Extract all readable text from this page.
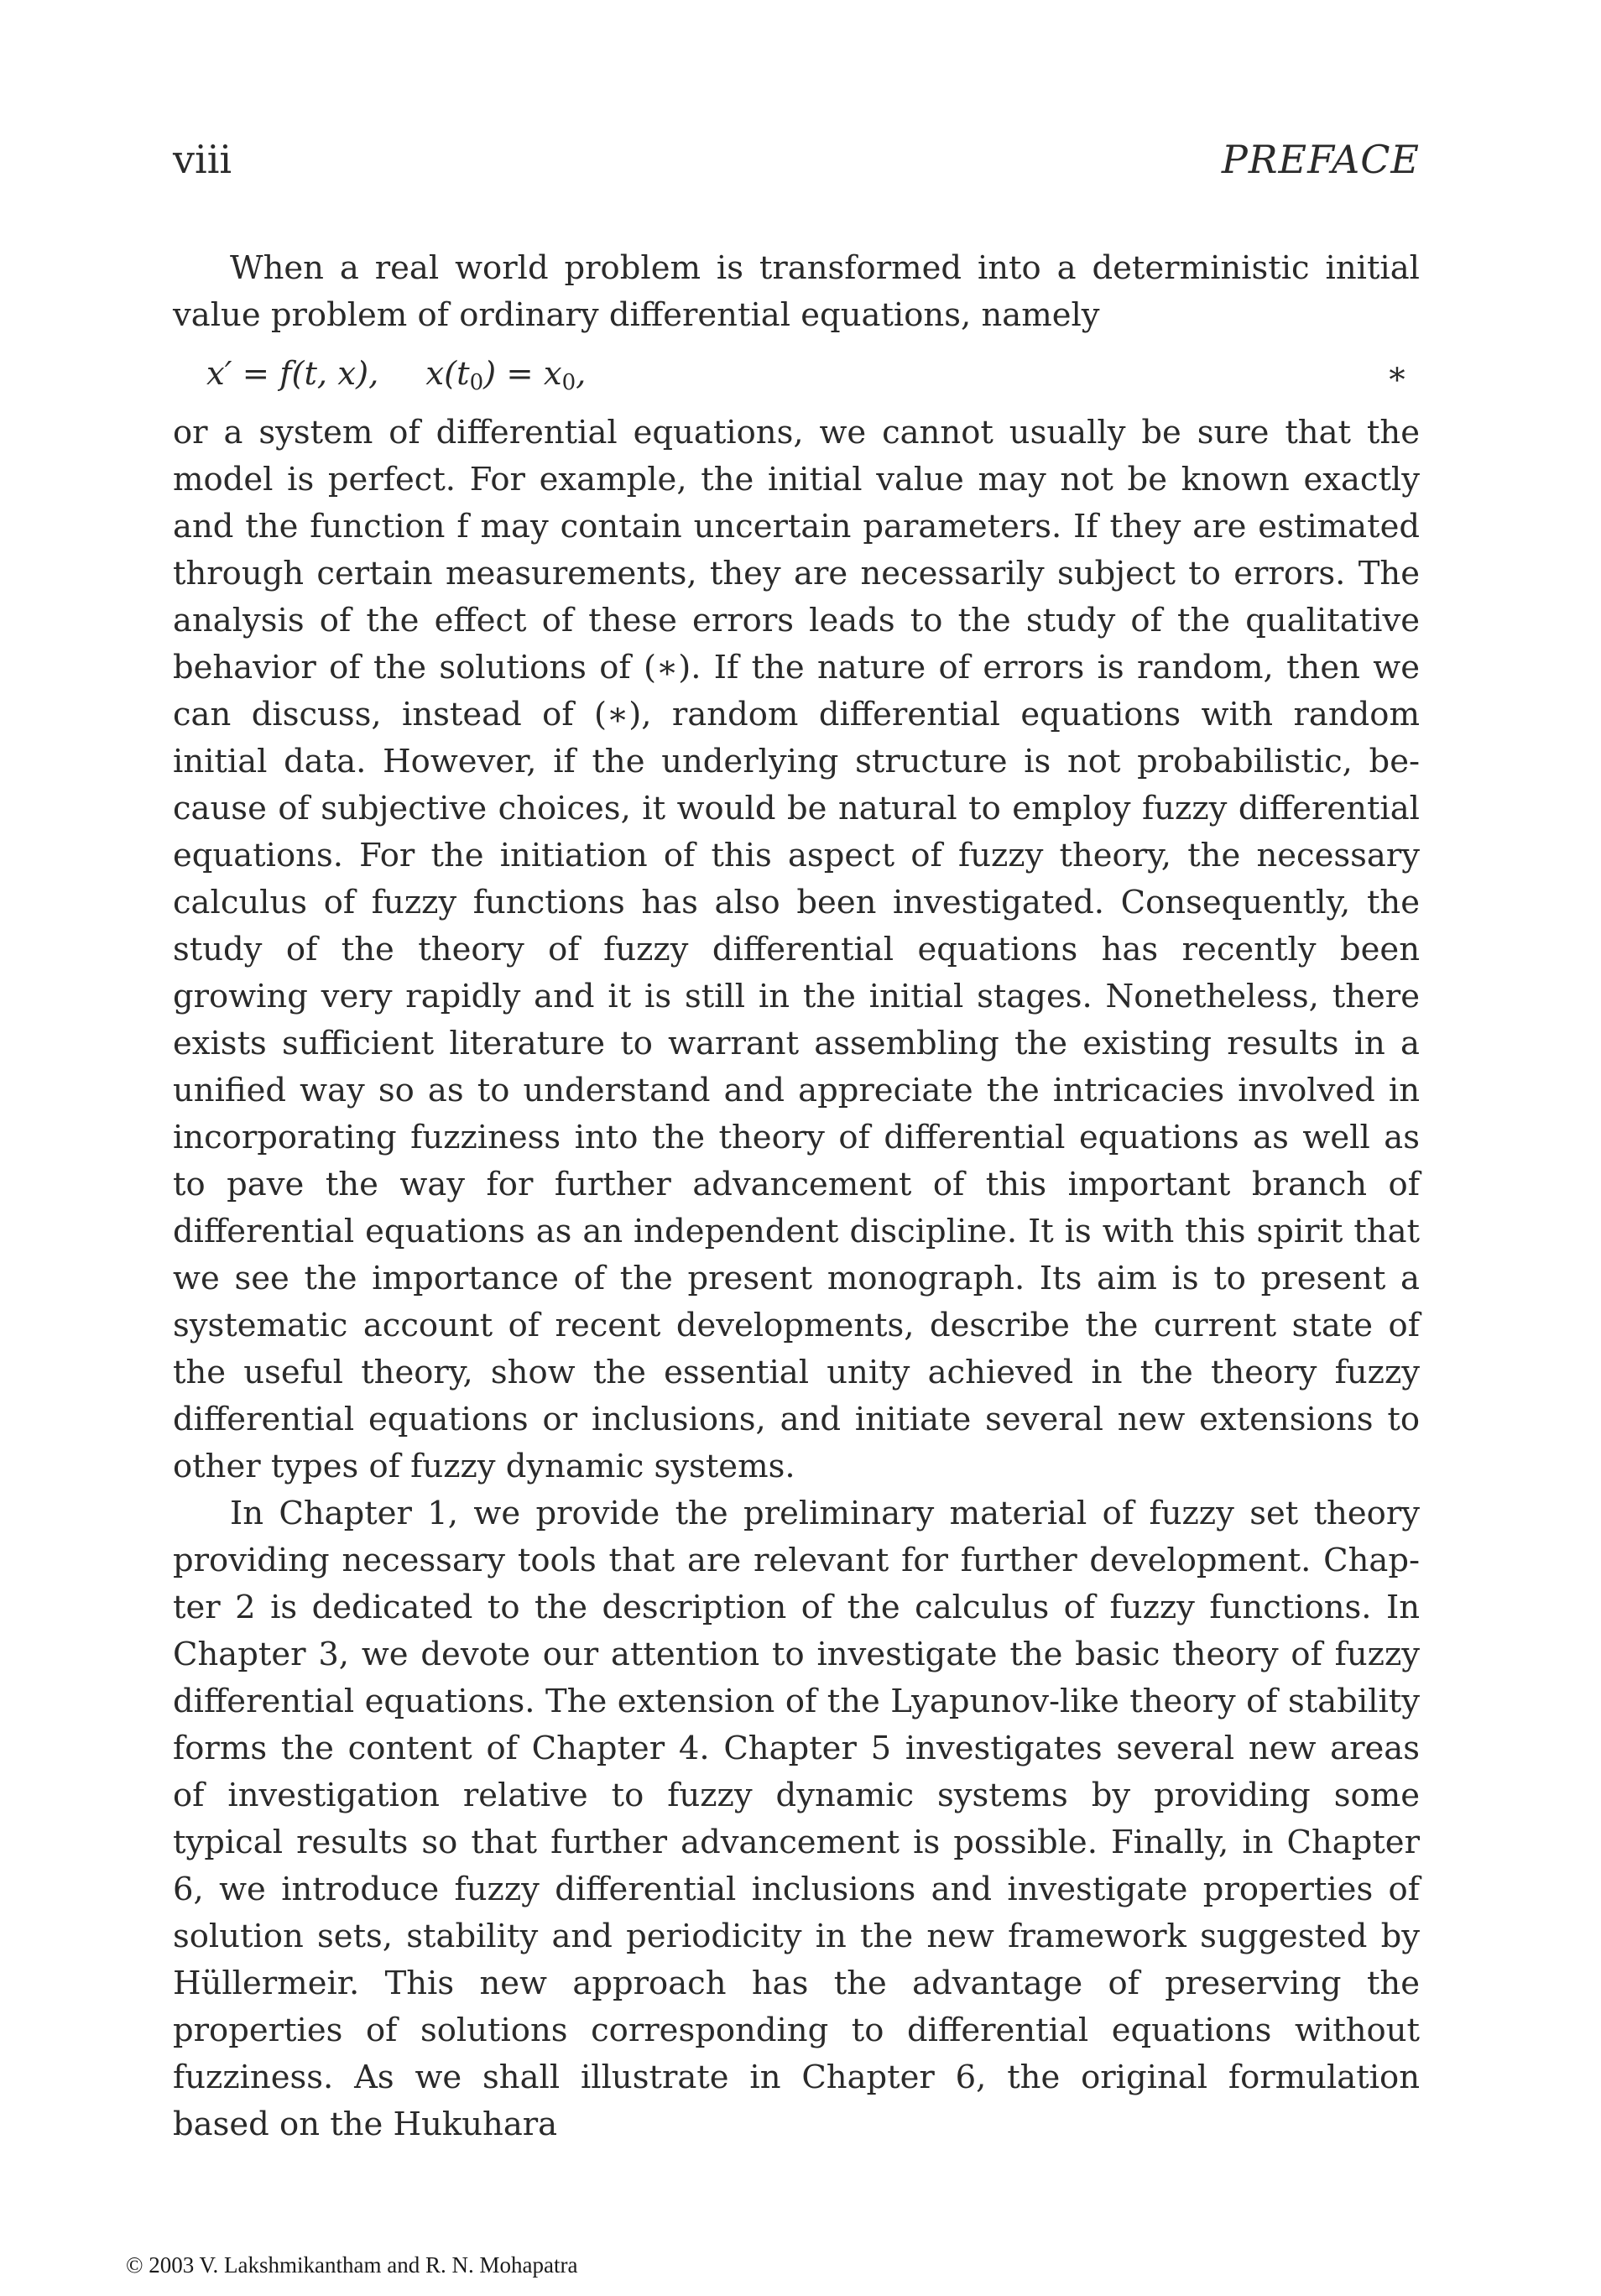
viii	PREFACE

When a real world problem is transformed into a deterministic initial value problem of ordinary differential equations, namely

x′ = f(t, x), $x(t_0) = x_0$,	∗

or a system of differential equations, we cannot usually be sure that the model is perfect. For example, the initial value may not be known exactly and the function f may contain uncertain parameters. If they are estimated through certain measurements, they are necessarily subject to errors. The analysis of the effect of these errors leads to the study of the qualitative behavior of the solutions of (∗). If the nature of errors is random, then we can discuss, instead of (∗), random differential equations with random initial data. However, if the underlying structure is not probabilistic, because of subjective choices, it would be natural to employ fuzzy differential equations. For the initiation of this aspect of fuzzy theory, the necessary calculus of fuzzy functions has also been investigated. Consequently, the study of the theory of fuzzy differential equations has recently been growing very rapidly and it is still in the initial stages. Nonetheless, there exists sufficient literature to warrant assembling the existing results in a unified way so as to understand and appreciate the intricacies involved in incorporating fuzziness into the theory of differential equations as well as to pave the way for further advancement of this important branch of differential equations as an independent discipline. It is with this spirit that we see the importance of the present monograph. Its aim is to present a systematic account of recent developments, describe the current state of the useful theory, show the essential unity achieved in the theory fuzzy differential equations or inclusions, and initiate several new extensions to other types of fuzzy dynamic systems.

In Chapter 1, we provide the preliminary material of fuzzy set theory providing necessary tools that are relevant for further development. Chapter 2 is dedicated to the description of the calculus of fuzzy functions. In Chapter 3, we devote our attention to investigate the basic theory of fuzzy differential equations. The extension of the Lyapunov-like theory of stability forms the content of Chapter 4. Chapter 5 investigates several new areas of investigation relative to fuzzy dynamic systems by providing some typical results so that further advancement is possible. Finally, in Chapter 6, we introduce fuzzy differential inclusions and investigate properties of solution sets, stability and periodicity in the new framework suggested by Hüllermeir. This new approach has the advantage of preserving the properties of solutions corresponding to differential equations without fuzziness. As we shall illustrate in Chapter 6, the original formulation based on the Hukuhara

© 2003 V. Lakshmikantham and R. N. Mohapatra
